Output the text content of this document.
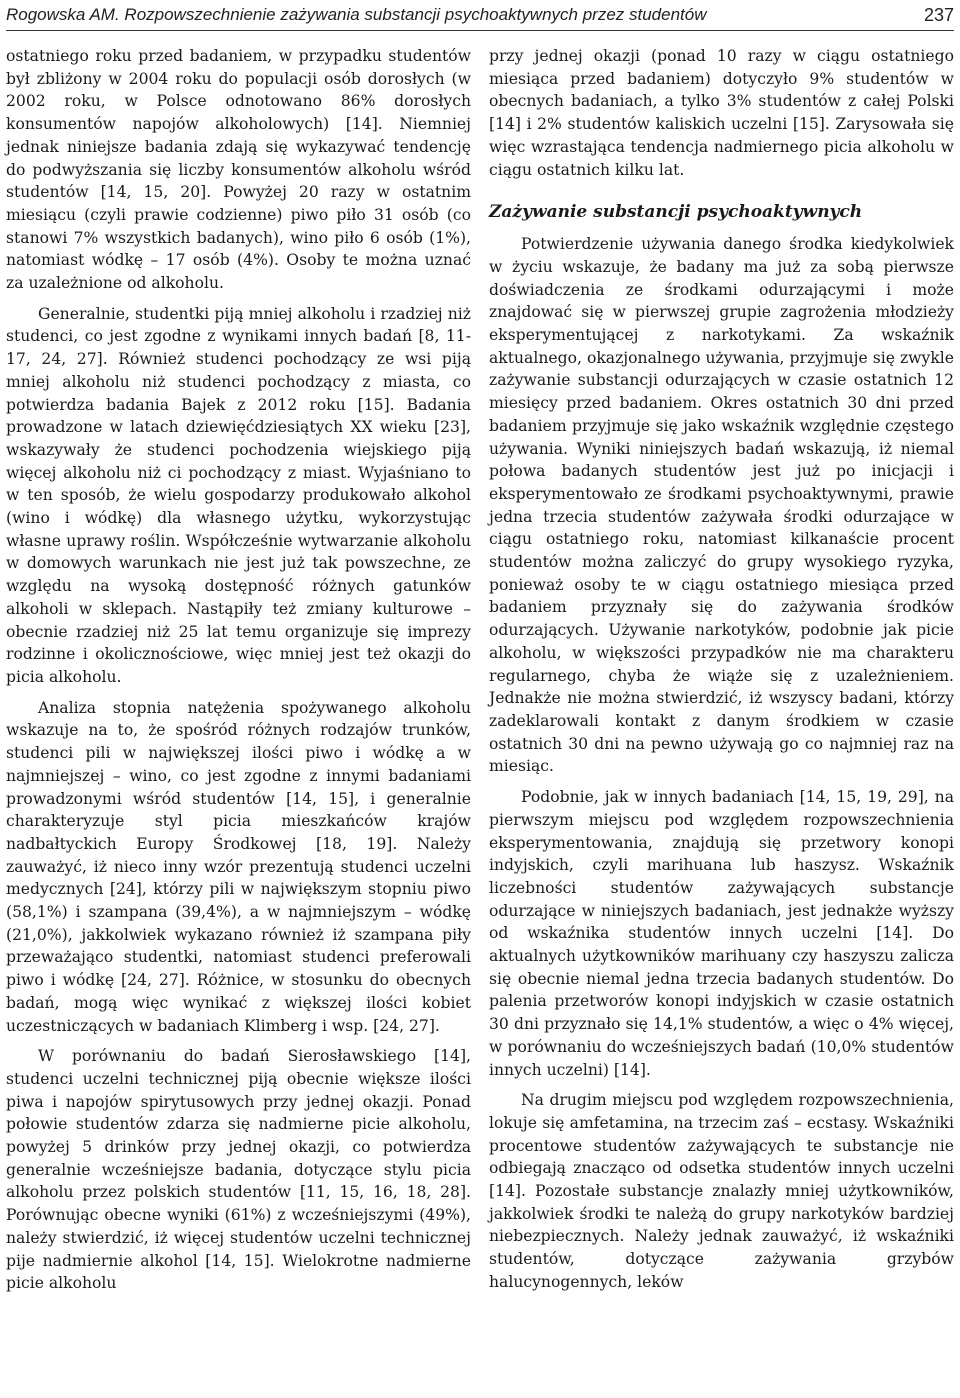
Rogowska AM. Rozpowszechnienie zażywania substancji psychoaktywnych przez studentów	237

ostatniego roku przed badaniem, w przypadku studentów był zbliżony w 2004 roku do populacji osób dorosłych (w 2002 roku, w Polsce odnotowano 86% dorosłych konsumentów napojów alkoholowych) [14]. Niemniej jednak niniejsze badania zdają się wykazywać tendencję do podwyższania się liczby konsumentów alkoholu wśród studentów [14, 15, 20]. Powyżej 20 razy w ostatnim miesiącu (czyli prawie codzienne) piwo piło 31 osób (co stanowi 7% wszystkich badanych), wino piło 6 osób (1%), natomiast wódkę – 17 osób (4%). Osoby te można uznać za uzależnione od alkoholu.

Generalnie, studentki piją mniej alkoholu i rzadziej niż studenci, co jest zgodne z wynikami innych badań [8, 11-17, 24, 27]. Również studenci pochodzący ze wsi piją mniej alkoholu niż studenci pochodzący z miasta, co potwierdza badania Bajek z 2012 roku [15]. Badania prowadzone w latach dziewięćdziesiątych XX wieku [23], wskazywały że studenci pochodzenia wiejskiego piją więcej alkoholu niż ci pochodzący z miast. Wyjaśniano to w ten sposób, że wielu gospodarzy produkowało alkohol (wino i wódkę) dla własnego użytku, wykorzystując własne uprawy roślin. Współcześnie wytwarzanie alkoholu w domowych warunkach nie jest już tak powszechne, ze względu na wysoką dostępność różnych gatunków alkoholi w sklepach. Nastąpiły też zmiany kulturowe – obecnie rzadziej niż 25 lat temu organizuje się imprezy rodzinne i okolicznościowe, więc mniej jest też okazji do picia alkoholu.

Analiza stopnia natężenia spożywanego alkoholu wskazuje na to, że spośród różnych rodzajów trunków, studenci pili w największej ilości piwo i wódkę a w najmniejszej – wino, co jest zgodne z innymi badaniami prowadzonymi wśród studentów [14, 15], i generalnie charakteryzuje styl picia mieszkańców krajów nadbałtyckich Europy Środkowej [18, 19]. Należy zauważyć, iż nieco inny wzór prezentują studenci uczelni medycznych [24], którzy pili w największym stopniu piwo (58,1%) i szampana (39,4%), a w najmniejszym – wódkę (21,0%), jakkolwiek wykazano również iż szampana piły przeważająco studentki, natomiast studenci preferowali piwo i wódkę [24, 27]. Różnice, w stosunku do obecnych badań, mogą więc wynikać z większej ilości kobiet uczestniczących w badaniach Klimberg i wsp. [24, 27].

W porównaniu do badań Sierosławskiego [14], studenci uczelni technicznej piją obecnie większe ilości piwa i napojów spirytusowych przy jednej okazji. Ponad połowie studentów zdarza się nadmierne picie alkoholu, powyżej 5 drinków przy jednej okazji, co potwierdza generalnie wcześniejsze badania, dotyczące stylu picia alkoholu przez polskich studentów [11, 15, 16, 18, 28]. Porównując obecne wyniki (61%) z wcześniejszymi (49%), należy stwierdzić, iż więcej studentów uczelni technicznej pije nadmiernie alkohol [14, 15]. Wielokrotne nadmierne picie alkoholu

przy jednej okazji (ponad 10 razy w ciągu ostatniego miesiąca przed badaniem) dotyczyło 9% studentów w obecnych badaniach, a tylko 3% studentów z całej Polski [14] i 2% studentów kaliskich uczelni [15]. Zarysowała się więc wzrastająca tendencja nadmiernego picia alkoholu w ciągu ostatnich kilku lat.

Zażywanie substancji psychoaktywnych

Potwierdzenie używania danego środka kiedykolwiek w życiu wskazuje, że badany ma już za sobą pierwsze doświadczenia ze środkami odurzającymi i może znajdować się w pierwszej grupie zagrożenia młodzieży eksperymentującej z narkotykami. Za wskaźnik aktualnego, okazjonalnego używania, przyjmuje się zwykle zażywanie substancji odurzających w czasie ostatnich 12 miesięcy przed badaniem. Okres ostatnich 30 dni przed badaniem przyjmuje się jako wskaźnik względnie częstego używania. Wyniki niniejszych badań wskazują, iż niemal połowa badanych studentów jest już po inicjacji i eksperymentowało ze środkami psychoaktywnymi, prawie jedna trzecia studentów zażywała środki odurzające w ciągu ostatniego roku, natomiast kilkanaście procent studentów można zaliczyć do grupy wysokiego ryzyka, ponieważ osoby te w ciągu ostatniego miesiąca przed badaniem przyznały się do zażywania środków odurzających. Używanie narkotyków, podobnie jak picie alkoholu, w większości przypadków nie ma charakteru regularnego, chyba że wiąże się z uzależnieniem. Jednakże nie można stwierdzić, iż wszyscy badani, którzy zadeklarowali kontakt z danym środkiem w czasie ostatnich 30 dni na pewno używają go co najmniej raz na miesiąc.

Podobnie, jak w innych badaniach [14, 15, 19, 29], na pierwszym miejscu pod względem rozpowszechnienia eksperymentowania, znajdują się przetwory konopi indyjskich, czyli marihuana lub haszysz. Wskaźnik liczebności studentów zażywających substancje odurzające w niniejszych badaniach, jest jednakże wyższy od wskaźnika studentów innych uczelni [14]. Do aktualnych użytkowników marihuany czy haszyszu zalicza się obecnie niemal jedna trzecia badanych studentów. Do palenia przetworów konopi indyjskich w czasie ostatnich 30 dni przyznało się 14,1% studentów, a więc o 4% więcej, w porównaniu do wcześniejszych badań (10,0% studentów innych uczelni) [14].

Na drugim miejscu pod względem rozpowszechnienia, lokuje się amfetamina, na trzecim zaś – ecstasy. Wskaźniki procentowe studentów zażywających te substancje nie odbiegają znacząco od odsetka studentów innych uczelni [14]. Pozostałe substancje znalazły mniej użytkowników, jakkolwiek środki te należą do grupy narkotyków bardziej niebezpiecznych. Należy jednak zauważyć, iż wskaźniki studentów, dotyczące zażywania grzybów halucynogennych, leków
